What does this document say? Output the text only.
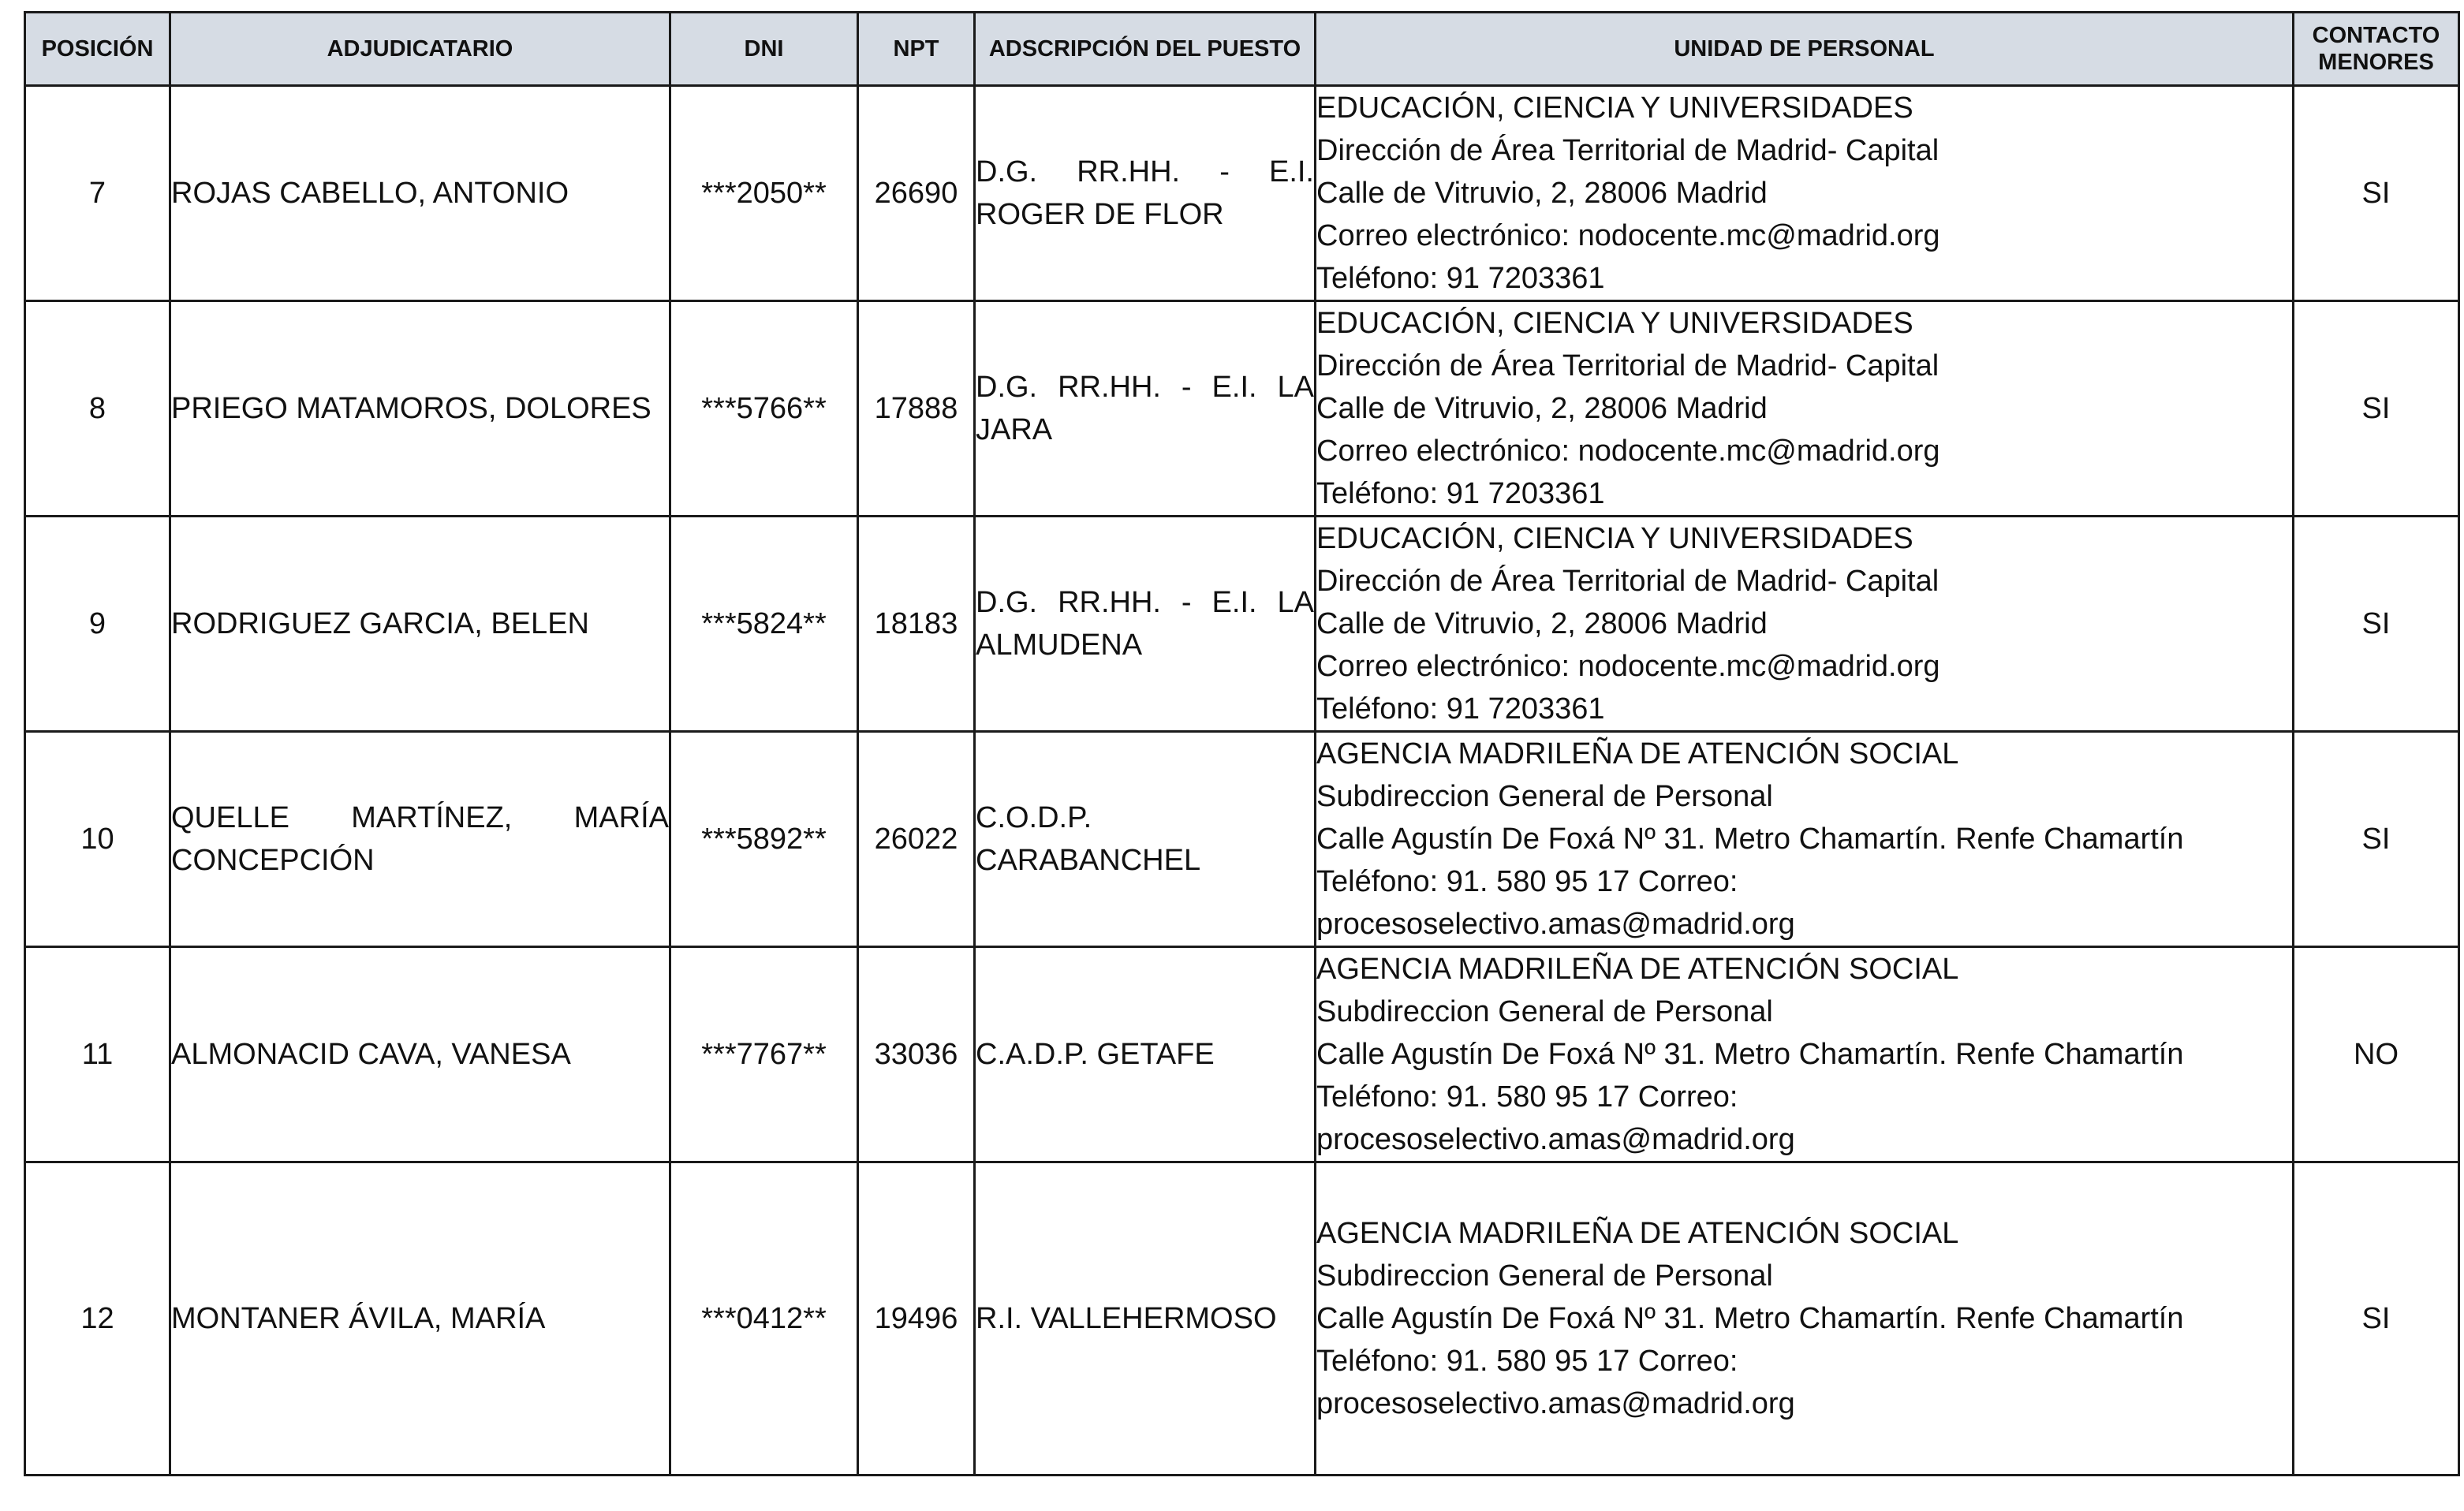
POSICIÓN	ADJUDICATARIO	DNI	NPT	ADSCRIPCIÓN DEL PUESTO	UNIDAD DE PERSONAL	CONTACTO MENORES
7	ROJAS CABELLO, ANTONIO	***2050**	26690	D.G. RR.HH. - E.I. ROGER DE FLOR	EDUCACIÓN, CIENCIA Y UNIVERSIDADES
Dirección de Área Territorial de Madrid- Capital
Calle de Vitruvio, 2, 28006 Madrid
Correo electrónico: nodocente.mc@madrid.org
Teléfono: 91 7203361	SI
8	PRIEGO MATAMOROS, DOLORES	***5766**	17888	D.G. RR.HH. - E.I. LA JARA	EDUCACIÓN, CIENCIA Y UNIVERSIDADES
Dirección de Área Territorial de Madrid- Capital
Calle de Vitruvio, 2, 28006 Madrid
Correo electrónico: nodocente.mc@madrid.org
Teléfono: 91 7203361	SI
9	RODRIGUEZ GARCIA, BELEN	***5824**	18183	D.G. RR.HH. - E.I. LA ALMUDENA	EDUCACIÓN, CIENCIA Y UNIVERSIDADES
Dirección de Área Territorial de Madrid- Capital
Calle de Vitruvio, 2, 28006 Madrid
Correo electrónico: nodocente.mc@madrid.org
Teléfono: 91 7203361	SI
10	QUELLE MARTÍNEZ, MARÍA CONCEPCIÓN	***5892**	26022	C.O.D.P. CARABANCHEL	AGENCIA MADRILEÑA DE ATENCIÓN SOCIAL
Subdireccion General de Personal
Calle Agustín De Foxá Nº 31. Metro Chamartín. Renfe Chamartín
Teléfono: 91. 580 95 17 Correo:
procesoselectivo.amas@madrid.org	SI
11	ALMONACID CAVA, VANESA	***7767**	33036	C.A.D.P. GETAFE	AGENCIA MADRILEÑA DE ATENCIÓN SOCIAL
Subdireccion General de Personal
Calle Agustín De Foxá Nº 31. Metro Chamartín. Renfe Chamartín
Teléfono: 91. 580 95 17 Correo:
procesoselectivo.amas@madrid.org	NO
12	MONTANER ÁVILA, MARÍA	***0412**	19496	R.I. VALLEHERMOSO	AGENCIA MADRILEÑA DE ATENCIÓN SOCIAL
Subdireccion General de Personal
Calle Agustín De Foxá Nº 31. Metro Chamartín. Renfe Chamartín
Teléfono: 91. 580 95 17 Correo:
procesoselectivo.amas@madrid.org	SI
